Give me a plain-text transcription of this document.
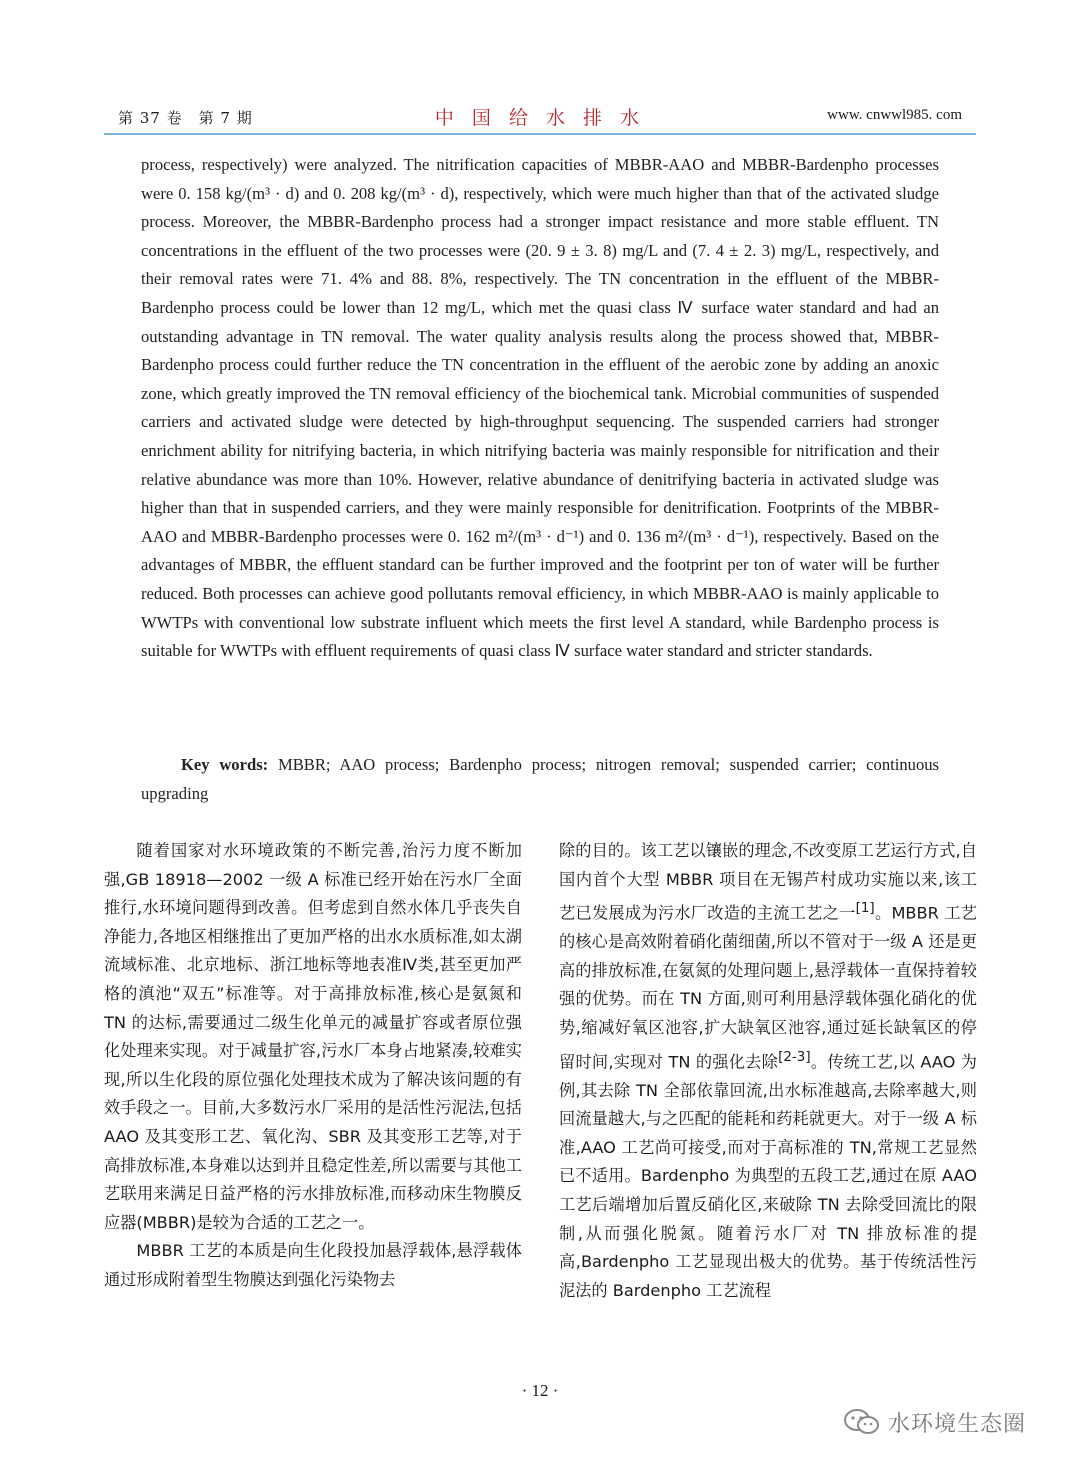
第 37 卷　第 7 期	中 国 给 水 排 水	www. cnwwl985. com

process, respectively) were analyzed. The nitrification capacities of MBBR-AAO and MBBR-Bardenpho processes were 0. 158 kg/(m³ · d) and 0. 208 kg/(m³ · d), respectively, which were much higher than that of the activated sludge process. Moreover, the MBBR-Bardenpho process had a stronger impact resistance and more stable effluent. TN concentrations in the effluent of the two processes were (20. 9 ± 3. 8) mg/L and (7. 4 ± 2. 3) mg/L, respectively, and their removal rates were 71. 4% and 88. 8%, respectively. The TN concentration in the effluent of the MBBR-Bardenpho process could be lower than 12 mg/L, which met the quasi class Ⅳ surface water standard and had an outstanding advantage in TN removal. The water quality analysis results along the process showed that, MBBR-Bardenpho process could further reduce the TN concentration in the effluent of the aerobic zone by adding an anoxic zone, which greatly improved the TN removal efficiency of the biochemical tank. Microbial communities of suspended carriers and activated sludge were detected by high-throughput sequencing. The suspended carriers had stronger enrichment ability for nitrifying bacteria, in which nitrifying bacteria was mainly responsible for nitrification and their relative abundance was more than 10%. However, relative abundance of denitrifying bacteria in activated sludge was higher than that in suspended carriers, and they were mainly responsible for denitrification. Footprints of the MBBR-AAO and MBBR-Bardenpho processes were 0. 162 m²/(m³ · d⁻¹) and 0. 136 m²/(m³ · d⁻¹), respectively. Based on the advantages of MBBR, the effluent standard can be further improved and the footprint per ton of water will be further reduced. Both processes can achieve good pollutants removal efficiency, in which MBBR-AAO is mainly applicable to WWTPs with conventional low substrate influent which meets the first level A standard, while Bardenpho process is suitable for WWTPs with effluent requirements of quasi class Ⅳ surface water standard and stricter standards.

Key words: MBBR; AAO process; Bardenpho process; nitrogen removal; suspended carrier; continuous upgrading

随着国家对水环境政策的不断完善,治污力度不断加强,GB 18918—2002 一级 A 标准已经开始在污水厂全面推行,水环境问题得到改善。但考虑到自然水体几乎丧失自净能力,各地区相继推出了更加严格的出水水质标准,如太湖流域标准、北京地标、浙江地标等地表准Ⅳ类,甚至更加严格的滇池“双五”标准等。对于高排放标准,核心是氨氮和 TN 的达标,需要通过二级生化单元的减量扩容或者原位强化处理来实现。对于减量扩容,污水厂本身占地紧凑,较难实现,所以生化段的原位强化处理技术成为了解决该问题的有效手段之一。目前,大多数污水厂采用的是活性污泥法,包括 AAO 及其变形工艺、氧化沟、SBR 及其变形工艺等,对于高排放标准,本身难以达到并且稳定性差,所以需要与其他工艺联用来满足日益严格的污水排放标准,而移动床生物膜反应器(MBBR)是较为合适的工艺之一。

MBBR 工艺的本质是向生化段投加悬浮载体,悬浮载体通过形成附着型生物膜达到强化污染物去

除的目的。该工艺以镶嵌的理念,不改变原工艺运行方式,自国内首个大型 MBBR 项目在无锡芦村成功实施以来,该工艺已发展成为污水厂改造的主流工艺之一[1]。MBBR 工艺的核心是高效附着硝化菌细菌,所以不管对于一级 A 还是更高的排放标准,在氨氮的处理问题上,悬浮载体一直保持着较强的优势。而在 TN 方面,则可利用悬浮载体强化硝化的优势,缩减好氧区池容,扩大缺氧区池容,通过延长缺氧区的停留时间,实现对 TN 的强化去除[2-3]。传统工艺,以 AAO 为例,其去除 TN 全部依靠回流,出水标准越高,去除率越大,则回流量越大,与之匹配的能耗和药耗就更大。对于一级 A 标准,AAO 工艺尚可接受,而对于高标准的 TN,常规工艺显然已不适用。Bardenpho 为典型的五段工艺,通过在原 AAO 工艺后端增加后置反硝化区,来破除 TN 去除受回流比的限制,从而强化脱氮。随着污水厂对 TN 排放标准的提高,Bardenpho 工艺显现出极大的优势。基于传统活性污泥法的 Bardenpho 工艺流程

· 12 ·
水环境生态圈
